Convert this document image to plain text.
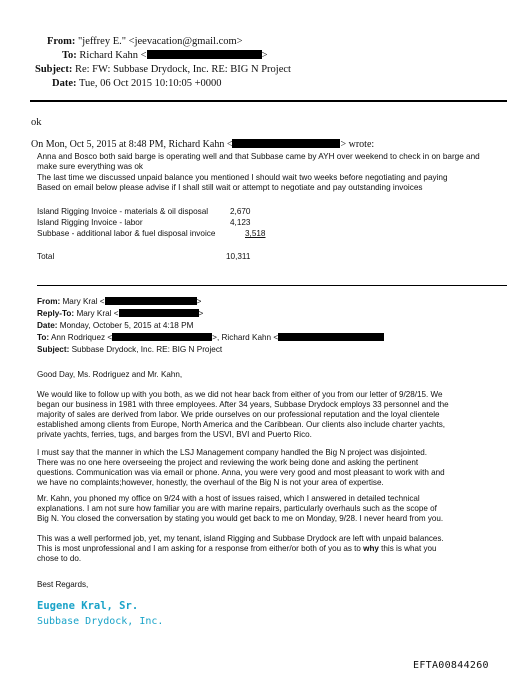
From: "jeffrey E." <jeevacation@gmail.com>
To: Richard Kahn <	>
Subject: Re: FW: Subbase Drydock, Inc. RE: BIG N Project
Date: Tue, 06 Oct 2015 10:10:05 +0000
ok
On Mon, Oct 5, 2015 at 8:48 PM, Richard Kahn <	> wrote:
Anna and Bosco both said barge is operating well and that Subbase came by AYH over weekend to check in on barge and
make sure everything was ok
The last time we discussed unpaid balance you mentioned I should wait two weeks before negotiating and paying
Based on email below please advise if I shall still wait or attempt to negotiate and pay outstanding invoices
Island Rigging Invoice - materials & oil disposal	2,670
Island Rigging Invoice - labor	4,123
Subbase - additional labor & fuel disposal invoice	3,518
Total	10,311
From: Mary Kral <	>
Reply-To: Mary Kral <	>
Date: Monday, October 5, 2015 at 4:18 PM
To: Ann Rodriquez <	>, Richard Kahn <
Subject: Subbase Drydock, Inc. RE: BIG N Project
Good Day, Ms. Rodriguez and Mr. Kahn,
We would like to follow up with you both, as we did not hear back from either of you from our letter of 9/28/15. We
began our business in 1981 with three employees. After 34 years, Subbase Drydock employs 33 personnel and the
majority of sales are derived from labor. We pride ourselves on our professional reputation and the loyal clientele
established among clients from Europe, North America and the Caribbean. Our clients also include charter yachts,
private yachts, ferries, tugs, and barges from the USVI, BVI and Puerto Rico.
I must say that the manner in which the LSJ Management company handled the Big N project was disjointed.
There was no one here overseeing the project and reviewing the work being done and asking the pertinent
questions. Communication was via email or phone. Anna, you were very good and most pleasant to work with and
we have no complaints;however, honestly, the overhaul of the Big N is not your area of expertise.
Mr. Kahn, you phoned my office on 9/24 with a host of issues raised, which I answered in detailed technical
explanations. I am not sure how familiar you are with marine repairs, particularly overhauls such as the scope of
Big N. You closed the conversation by stating you would get back to me on Monday, 9/28. I never heard from you.
This was a well performed job, yet, my tenant, island Rigging and Subbase Drydock are left with unpaid balances.
This is most unprofessional and I am asking for a response from either/or both of you as to why this is what you
chose to do.
Best Regards,
Eugene Kral, Sr.
Subbase Drydock, Inc.
EFTA00844260
